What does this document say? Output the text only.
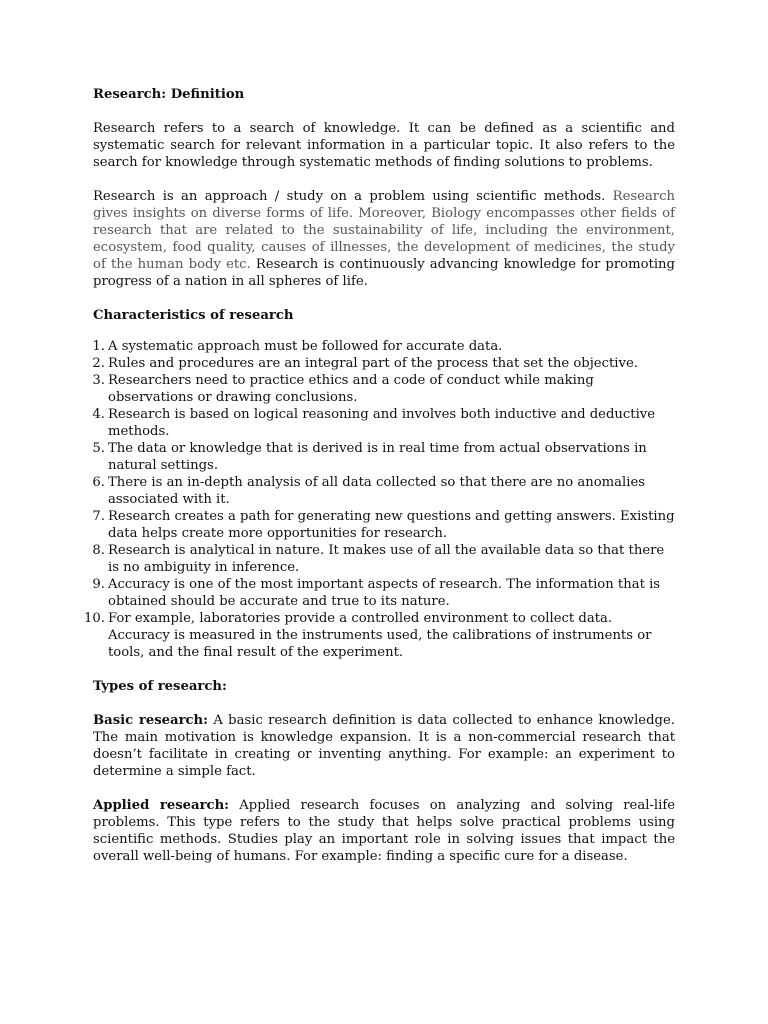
Research: Definition

Research refers to a search of knowledge. It can be defined as a scientific and systematic search for relevant information in a particular topic. It also refers to the search for knowledge through systematic methods of finding solutions to problems.

Research is an approach / study on a problem using scientific methods. Research gives insights on diverse forms of life. Moreover, Biology encompasses other fields of research that are related to the sustainability of life, including the environment, ecosystem, food quality, causes of illnesses, the development of medicines, the study of the human body etc. Research is continuously advancing knowledge for promoting progress of a nation in all spheres of life.

Characteristics of research

1. A systematic approach must be followed for accurate data.
2. Rules and procedures are an integral part of the process that set the objective.
3. Researchers need to practice ethics and a code of conduct while making observations or drawing conclusions.
4. Research is based on logical reasoning and involves both inductive and deductive methods.
5. The data or knowledge that is derived is in real time from actual observations in natural settings.
6. There is an in-depth analysis of all data collected so that there are no anomalies associated with it.
7. Research creates a path for generating new questions and getting answers. Existing data helps create more opportunities for research.
8. Research is analytical in nature. It makes use of all the available data so that there is no ambiguity in inference.
9. Accuracy is one of the most important aspects of research. The information that is obtained should be accurate and true to its nature.
10. For example, laboratories provide a controlled environment to collect data. Accuracy is measured in the instruments used, the calibrations of instruments or tools, and the final result of the experiment.

Types of research:

Basic research: A basic research definition is data collected to enhance knowledge. The main motivation is knowledge expansion. It is a non-commercial research that doesn’t facilitate in creating or inventing anything. For example: an experiment to determine a simple fact.

Applied research: Applied research focuses on analyzing and solving real-life problems. This type refers to the study that helps solve practical problems using scientific methods. Studies play an important role in solving issues that impact the overall well-being of humans. For example: finding a specific cure for a disease.
